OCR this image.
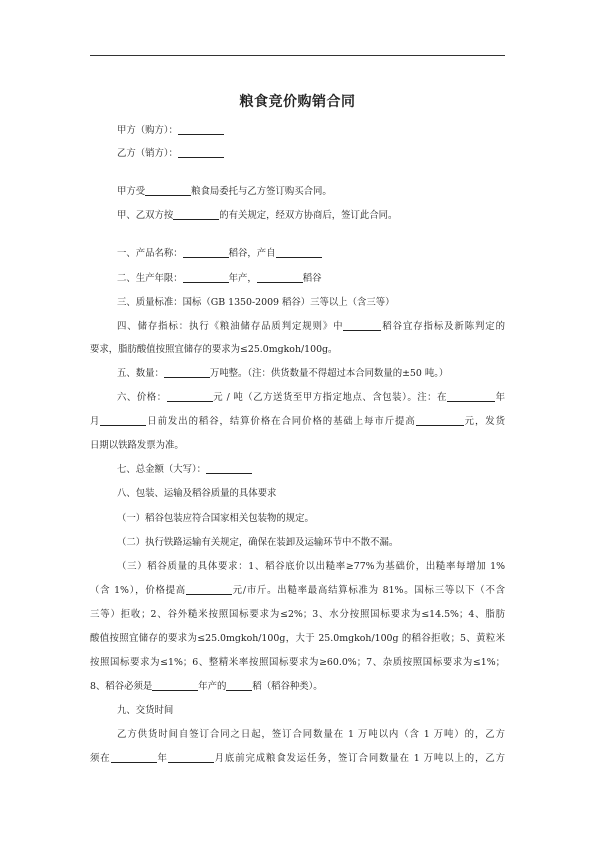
粮食竞价购销合同
甲方（购方）：
乙方（销方）：
甲方受	粮食局委托与乙方签订购买合同。
甲、乙双方按	的有关规定，经双方协商后，签订此合同。
一、产品名称：	稻谷，产自
二、生产年限：	年产，	稻谷
三、质量标准：国标（GB 1350-2009 稻谷）三等以上（含三等）
四、储存指标：执行《粮油储存品质判定规则》中	稻谷宜存指标及新陈判定的
要求，脂肪酸值按照宜储存的要求为≤25.0mgkoh/100g。
五、数量：	万吨整。（注：供货数量不得超过本合同数量的±50 吨。）
六、价格：	元 / 吨（乙方送货至甲方指定地点、含包装）。注：在	年
月	日前发出的稻谷，结算价格在合同价格的基础上每市斤提高	元，发货
日期以铁路发票为准。
七、总金额（大写）：
八、包装、运输及稻谷质量的具体要求
（一）稻谷包装应符合国家相关包装物的规定。
（二）执行铁路运输有关规定，确保在装卸及运输环节中不散不漏。
（三）稻谷质量的具体要求：1、稻谷底价以出糙率≥77%为基础价，出糙率每增加 1%
（含 1%），价格提高	元/市斤。出糙率最高结算标准为 81%。国标三等以下（不含
三等）拒收；2、谷外糙米按照国标要求为≤2%；3、水分按照国标要求为≤14.5%；4、脂肪
酸值按照宜储存的要求为≤25.0mgkoh/100g，大于 25.0mgkoh/100g 的稻谷拒收；5、黄粒米
按照国标要求为≤1%；6、整精米率按照国标要求为≥60.0%；7、杂质按照国标要求为≤1%；
8、稻谷必须是	年产的	稻（稻谷种类）。
九、交货时间
乙方供货时间自签订合同之日起，签订合同数量在 1 万吨以内（含 1 万吨）的，乙方
须在	年	月底前完成粮食发运任务，签订合同数量在 1 万吨以上的，乙方
